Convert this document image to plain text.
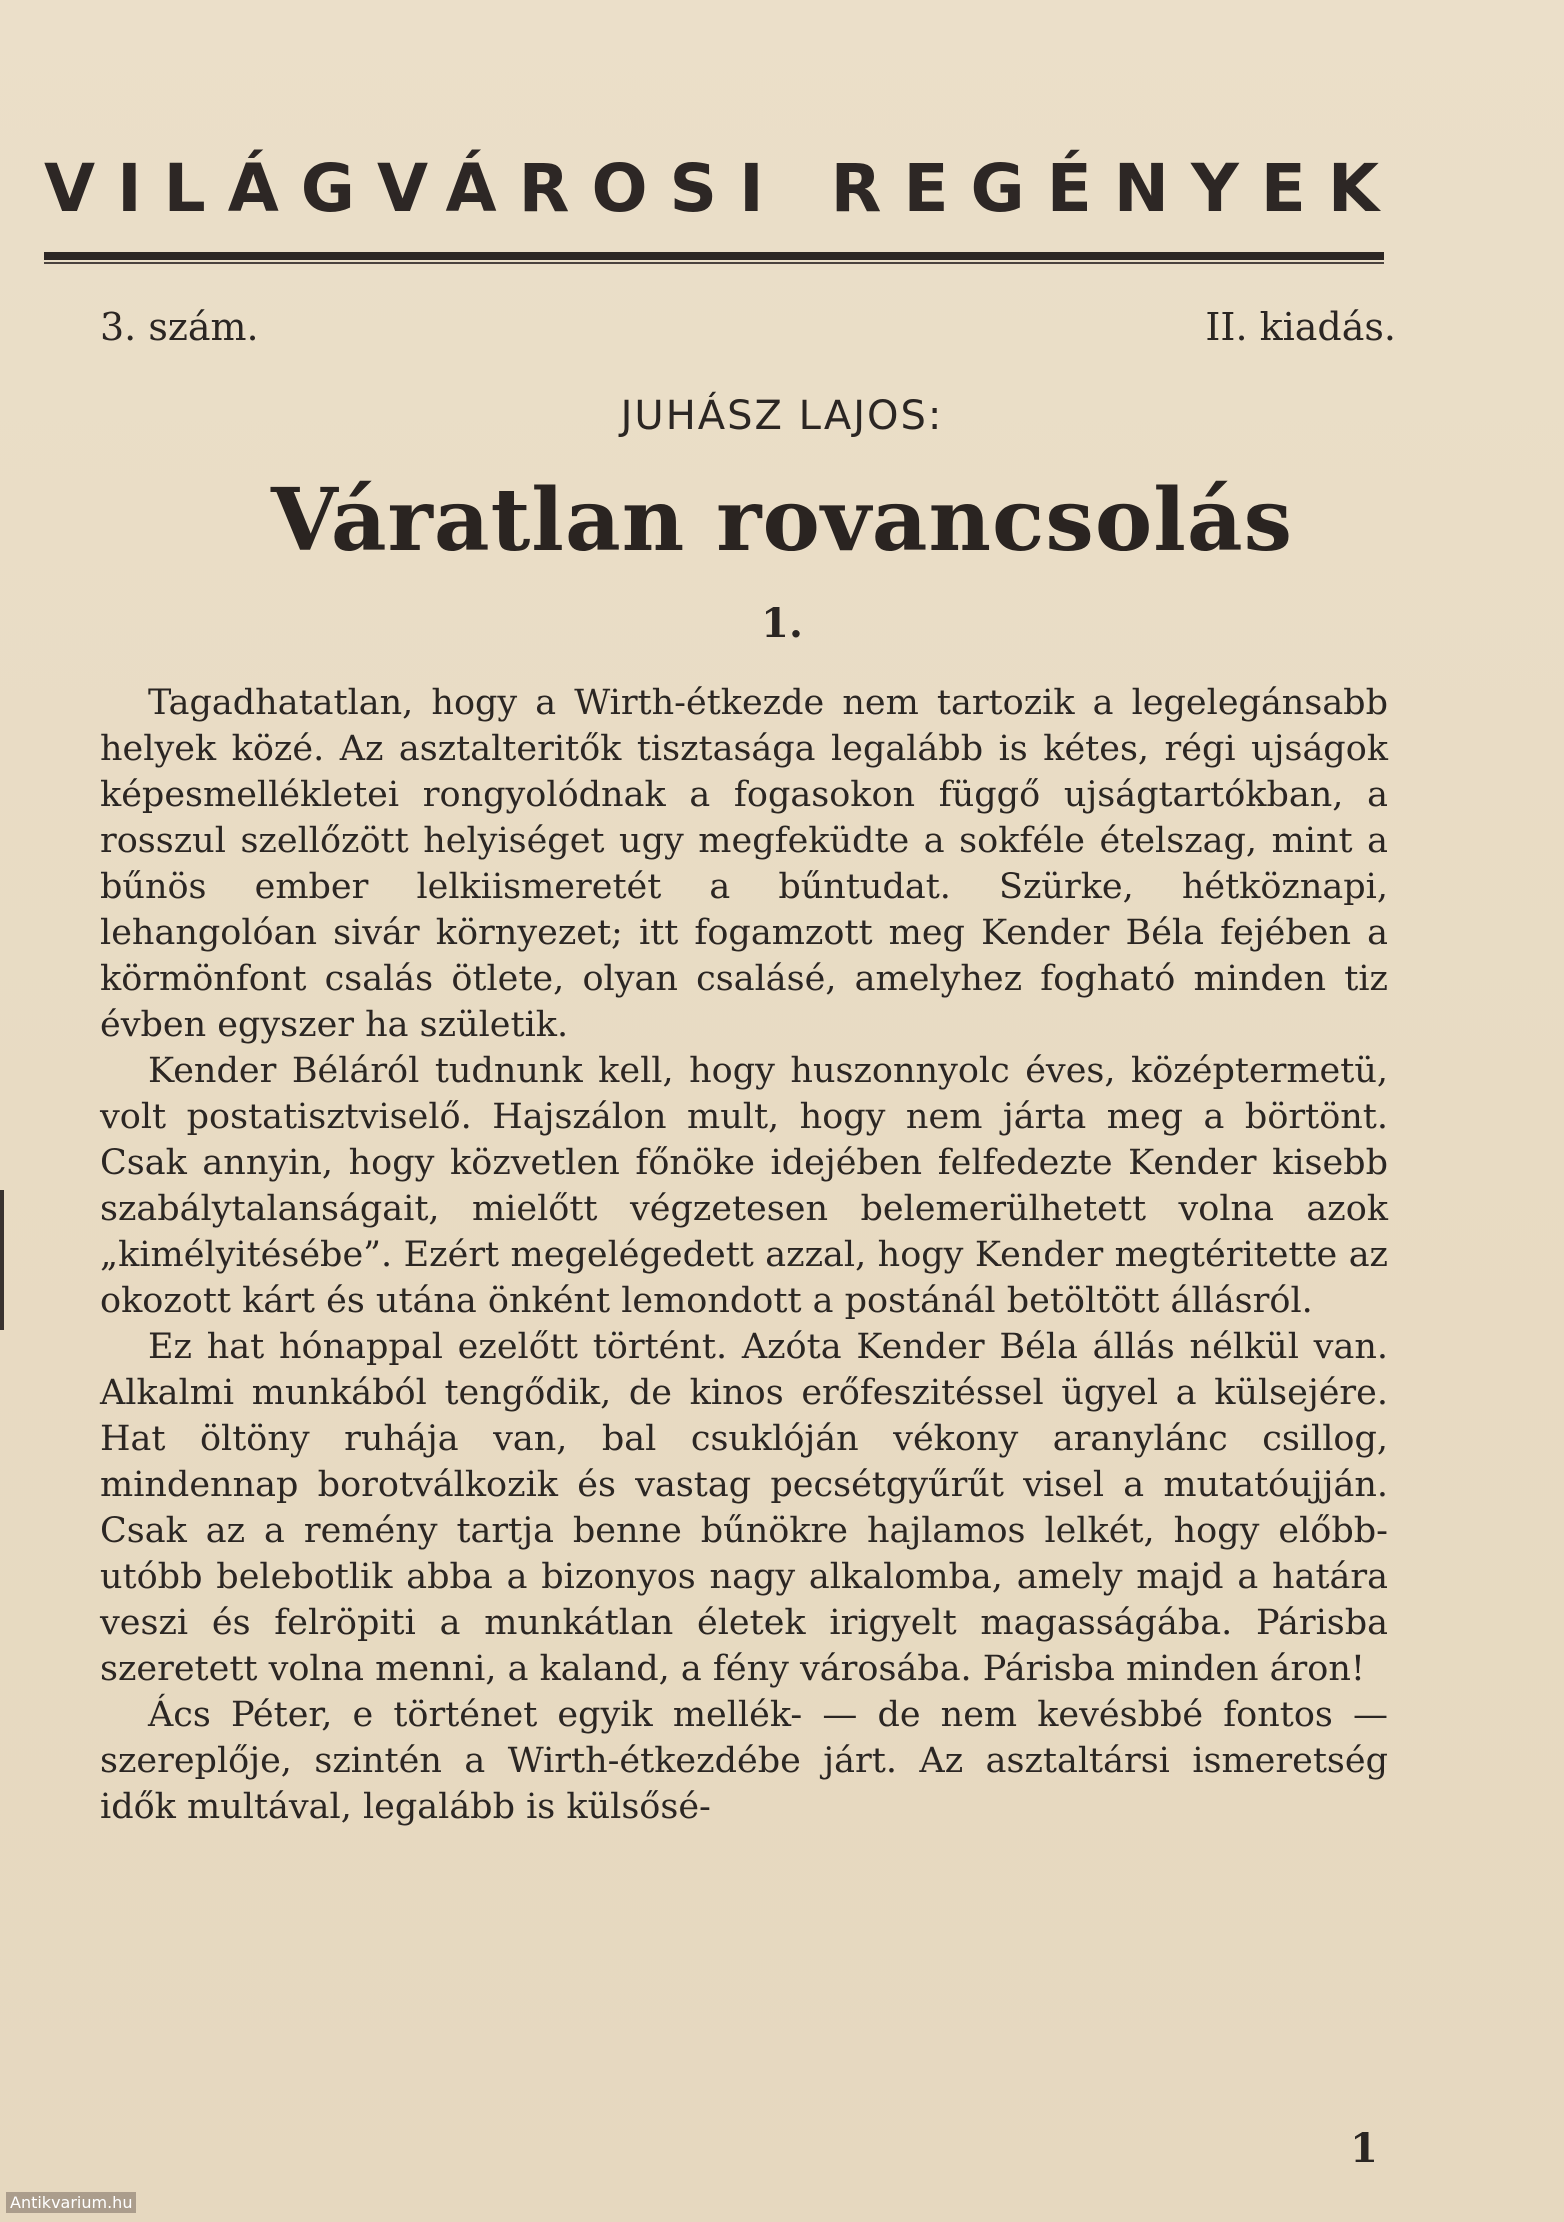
VILÁGVÁROSI REGÉNYEK
3. szám.	II. kiadás.
JUHÁSZ LAJOS:
Váratlan rovancsolás
1.

Tagadhatatlan, hogy a Wirth-étkezde nem tartozik a legelegánsabb helyek közé. Az asztalteritők tisztasága legalább is kétes, régi ujságok képesmellékletei rongyolódnak a fogasokon függő ujságtartókban, a rosszul szellőzött helyiséget ugy megfeküdte a sokféle ételszag, mint a bűnös ember lelkiismeretét a bűntudat. Szürke, hétköznapi, lehangolóan sivár környezet; itt fogamzott meg Kender Béla fejében a körmönfont csalás ötlete, olyan csalásé, amelyhez fogható minden tiz évben egyszer ha születik.

Kender Béláról tudnunk kell, hogy huszonnyolc éves, középtermetü, volt postatisztviselő. Hajszálon mult, hogy nem járta meg a börtönt. Csak annyin, hogy közvetlen főnöke idejében felfedezte Kender kisebb szabálytalanságait, mielőtt végzetesen belemerülhetett volna azok „kimélyitésébe”. Ezért megelégedett azzal, hogy Kender megtéritette az okozott kárt és utána önként lemondott a postánál betöltött állásról.

Ez hat hónappal ezelőtt történt. Azóta Kender Béla állás nélkül van. Alkalmi munkából tengődik, de kinos erőfeszitéssel ügyel a külsejére. Hat öltöny ruhája van, bal csuklóján vékony aranylánc csillog, mindennap borotválkozik és vastag pecsétgyűrűt visel a mutatóujján. Csak az a remény tartja benne bűnökre hajlamos lelkét, hogy előbb-utóbb belebotlik abba a bizonyos nagy alkalomba, amely majd a határa veszi és felröpiti a munkátlan életek irigyelt magasságába. Párisba szeretett volna menni, a kaland, a fény városába. Párisba minden áron!

Ács Péter, e történet egyik mellék- — de nem kevésbbé fontos — szereplője, szintén a Wirth-étkezdébe járt. Az asztaltársi ismeretség idők multával, legalább is külsősé-

1
Antikvarium.hu
